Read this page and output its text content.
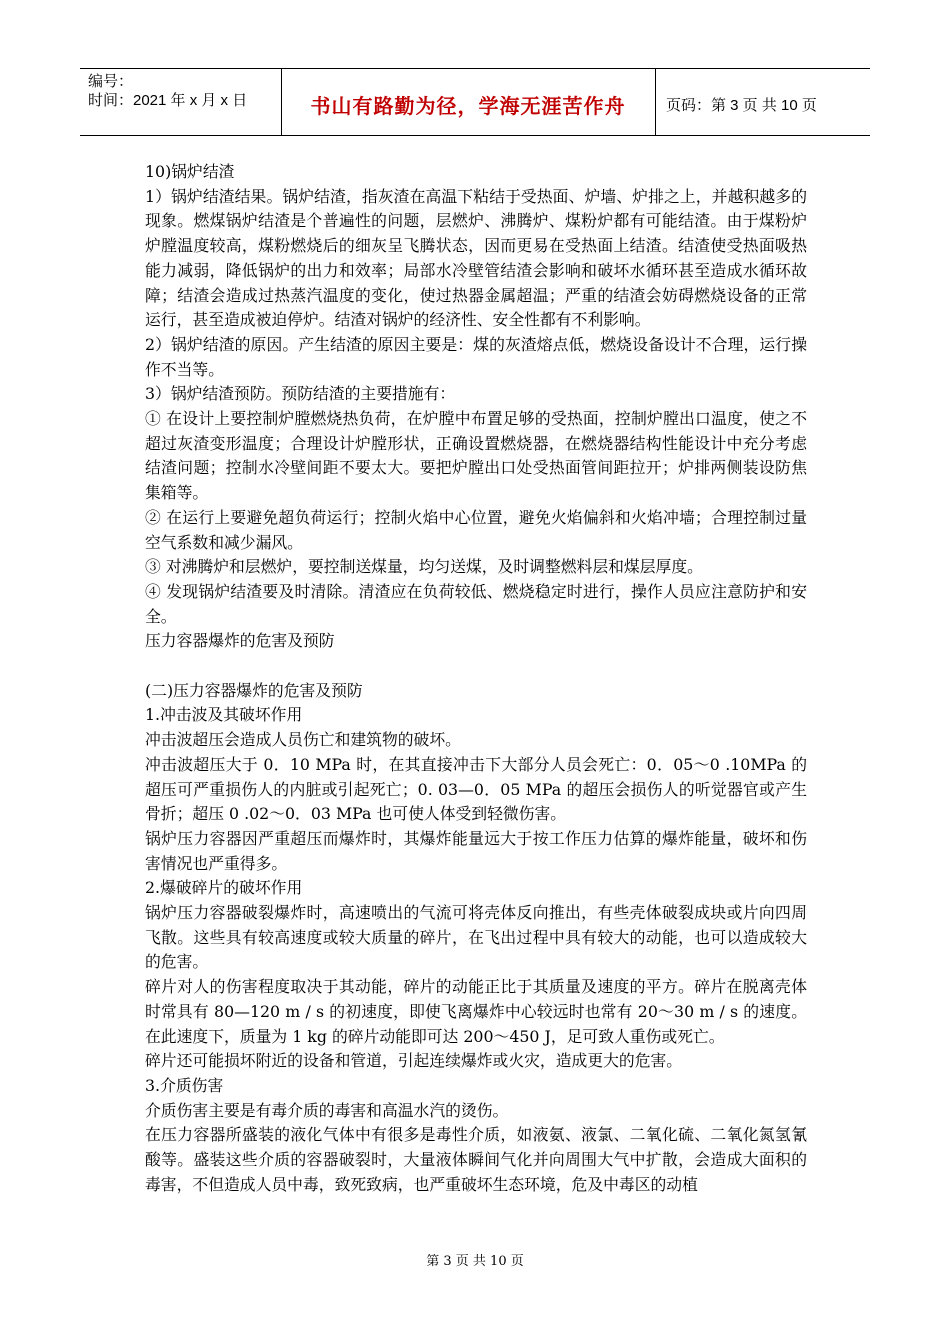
编号：
时间：2021 年 x 月 x 日	书山有路勤为径，学海无涯苦作舟	页码：第 3 页 共 10 页

10)锅炉结渣

1）锅炉结渣结果。锅炉结渣，指灰渣在高温下粘结于受热面、炉墙、炉排之上，并越积越多的现象。燃煤锅炉结渣是个普遍性的问题，层燃炉、沸腾炉、煤粉炉都有可能结渣。由于煤粉炉炉膛温度较高，煤粉燃烧后的细灰呈飞腾状态，因而更易在受热面上结渣。结渣使受热面吸热能力减弱，降低锅炉的出力和效率；局部水冷壁管结渣会影响和破坏水循环甚至造成水循环故障；结渣会造成过热蒸汽温度的变化，使过热器金属超温；严重的结渣会妨碍燃烧设备的正常运行，甚至造成被迫停炉。结渣对锅炉的经济性、安全性都有不利影响。

2）锅炉结渣的原因。产生结渣的原因主要是：煤的灰渣熔点低，燃烧设备设计不合理，运行操作不当等。

3）锅炉结渣预防。预防结渣的主要措施有：

① 在设计上要控制炉膛燃烧热负荷，在炉膛中布置足够的受热面，控制炉膛出口温度，使之不超过灰渣变形温度；合理设计炉膛形状，正确设置燃烧器，在燃烧器结构性能设计中充分考虑结渣问题；控制水冷壁间距不要太大。要把炉膛出口处受热面管间距拉开；炉排两侧装设防焦集箱等。

② 在运行上要避免超负荷运行；控制火焰中心位置，避免火焰偏斜和火焰冲墙；合理控制过量空气系数和减少漏风。

③ 对沸腾炉和层燃炉，要控制送煤量，均匀送煤，及时调整燃料层和煤层厚度。

④ 发现锅炉结渣要及时清除。清渣应在负荷较低、燃烧稳定时进行，操作人员应注意防护和安全。

压力容器爆炸的危害及预防

(二)压力容器爆炸的危害及预防

1.冲击波及其破坏作用

冲击波超压会造成人员伤亡和建筑物的破坏。

冲击波超压大于 0．10 MPa 时，在其直接冲击下大部分人员会死亡：0．05～0 .10MPa 的超压可严重损伤人的内脏或引起死亡；0. 03—0．05 MPa 的超压会损伤人的听觉器官或产生骨折；超压 0 .02～0．03 MPa 也可使人体受到轻微伤害。

锅炉压力容器因严重超压而爆炸时，其爆炸能量远大于按工作压力估算的爆炸能量，破坏和伤害情况也严重得多。

2.爆破碎片的破坏作用

锅炉压力容器破裂爆炸时，高速喷出的气流可将壳体反向推出，有些壳体破裂成块或片向四周飞散。这些具有较高速度或较大质量的碎片，在飞出过程中具有较大的动能，也可以造成较大的危害。

碎片对人的伤害程度取决于其动能，碎片的动能正比于其质量及速度的平方。碎片在脱离壳体时常具有 80—120 m / s 的初速度，即使飞离爆炸中心较远时也常有 20～30 m / s 的速度。在此速度下，质量为 1 kg 的碎片动能即可达 200～450 J，足可致人重伤或死亡。

碎片还可能损坏附近的设备和管道，引起连续爆炸或火灾，造成更大的危害。

3.介质伤害

介质伤害主要是有毒介质的毒害和高温水汽的烫伤。

在压力容器所盛装的液化气体中有很多是毒性介质，如液氨、液氯、二氧化硫、二氧化氮氢氰酸等。盛装这些介质的容器破裂时，大量液体瞬间气化并向周围大气中扩散，会造成大面积的毒害，不但造成人员中毒，致死致病，也严重破坏生态环境，危及中毒区的动植

第 3 页 共 10 页
